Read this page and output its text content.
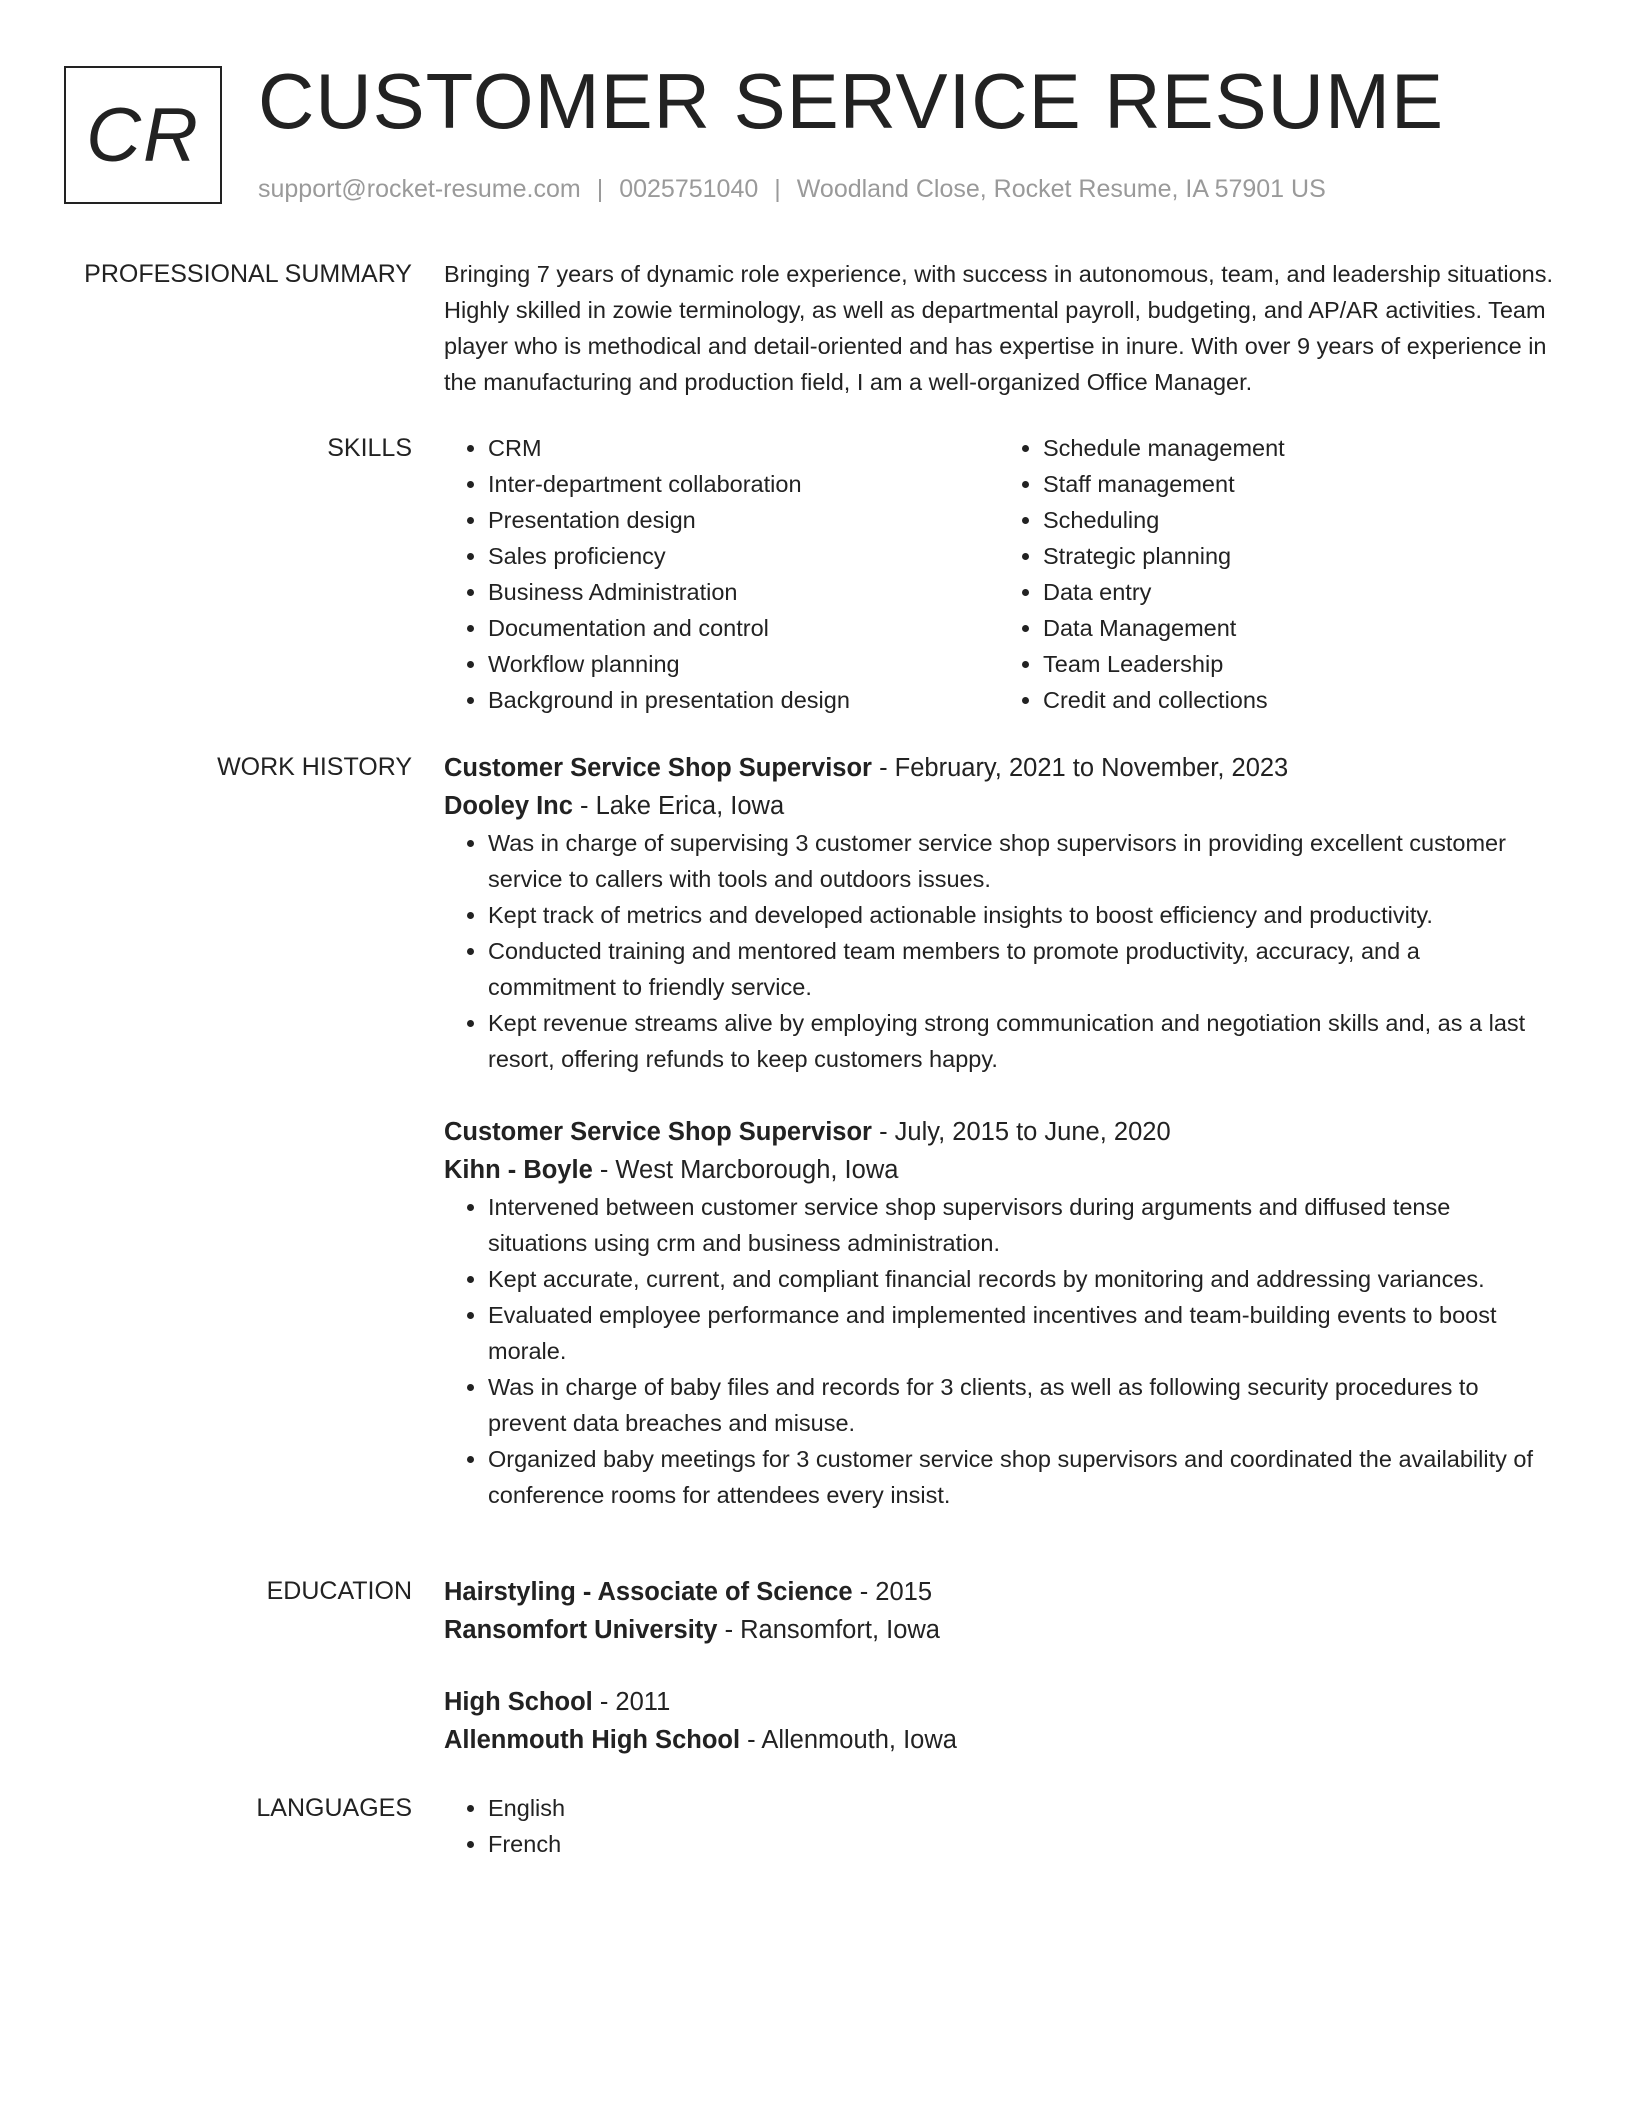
CR CUSTOMER SERVICE RESUME
support@rocket-resume.com | 0025751040 | Woodland Close, Rocket Resume, IA 57901 US
PROFESSIONAL SUMMARY Bringing 7 years of dynamic role experience, with success in autonomous, team, and leadership situations. Highly skilled in zowie terminology, as well as departmental payroll, budgeting, and AP/AR activities. Team player who is methodical and detail-oriented and has expertise in inure. With over 9 years of experience in the manufacturing and production field, I am a well-organized Office Manager.

SKILLS	• CRM
• Inter-department collaboration
• Presentation design
• Sales proficiency
• Business Administration
• Documentation and control
• Workflow planning
• Background in presentation design
• Schedule management
• Staff management
• Scheduling
• Strategic planning
• Data entry
• Data Management
• Team Leadership
• Credit and collections
WORK HISTORY Customer Service Shop Supervisor - February, 2021 to November, 2023
Dooley Inc - Lake Erica, Iowa
• Was in charge of supervising 3 customer service shop supervisors in providing excellent customer service to callers with tools and outdoors issues.
• Kept track of metrics and developed actionable insights to boost efficiency and productivity.
• Conducted training and mentored team members to promote productivity, accuracy, and a commitment to friendly service.
• Kept revenue streams alive by employing strong communication and negotiation skills and, as a last resort, offering refunds to keep customers happy.
Customer Service Shop Supervisor - July, 2015 to June, 2020
Kihn - Boyle - West Marcborough, Iowa
• Intervened between customer service shop supervisors during arguments and diffused tense situations using crm and business administration.
• Kept accurate, current, and compliant financial records by monitoring and addressing variances.
• Evaluated employee performance and implemented incentives and team-building events to boost morale.
• Was in charge of baby files and records for 3 clients, as well as following security procedures to prevent data breaches and misuse.
• Organized baby meetings for 3 customer service shop supervisors and coordinated the availability of conference rooms for attendees every insist.
EDUCATION Hairstyling - Associate of Science - 2015
Ransomfort University - Ransomfort, Iowa
High School - 2011
Allenmouth High School - Allenmouth, Iowa
LANGUAGES	• English
• French
